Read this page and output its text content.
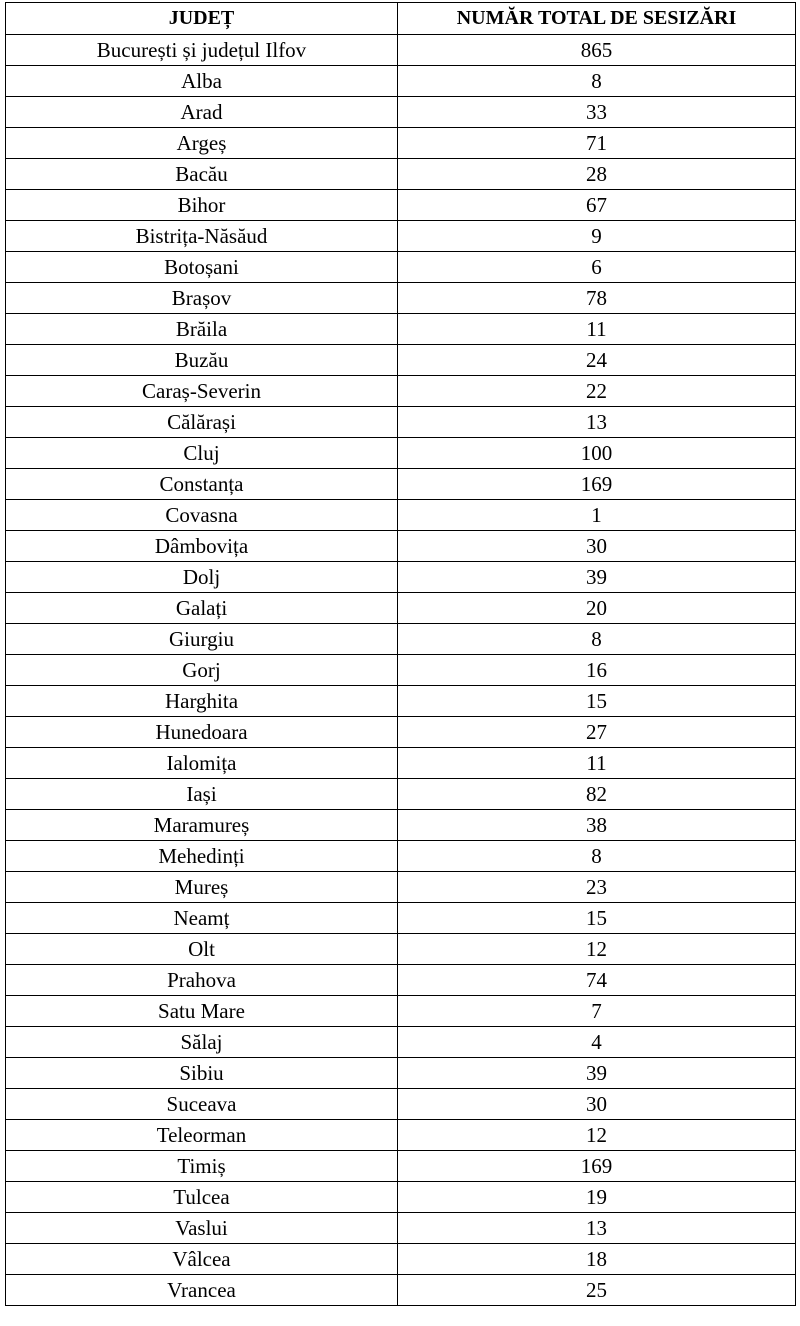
JUDEȚ	NUMĂR TOTAL DE SESIZĂRI
București și județul Ilfov	865
Alba	8
Arad	33
Argeș	71
Bacău	28
Bihor	67
Bistrița-Năsăud	9
Botoșani	6
Brașov	78
Brăila	11
Buzău	24
Caraș-Severin	22
Călărași	13
Cluj	100
Constanța	169
Covasna	1
Dâmbovița	30
Dolj	39
Galați	20
Giurgiu	8
Gorj	16
Harghita	15
Hunedoara	27
Ialomița	11
Iași	82
Maramureș	38
Mehedinți	8
Mureș	23
Neamț	15
Olt	12
Prahova	74
Satu Mare	7
Sălaj	4
Sibiu	39
Suceava	30
Teleorman	12
Timiș	169
Tulcea	19
Vaslui	13
Vâlcea	18
Vrancea	25
